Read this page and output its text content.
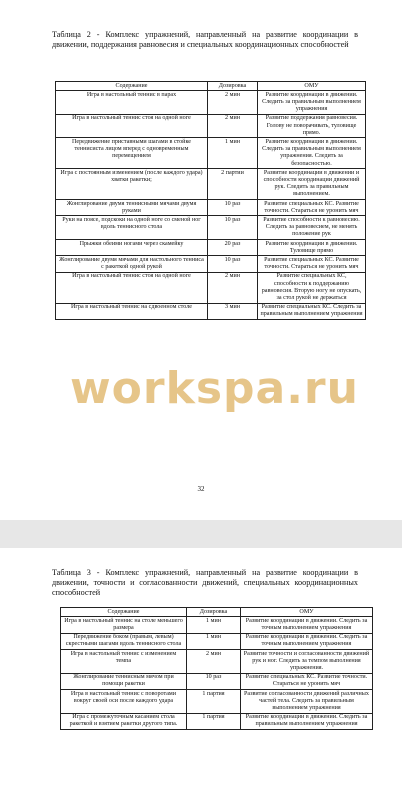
Таблица 2 - Комплекс упражнений, направленный на развитие координации в движении, поддержания равновесия и специальных координационных способностей
Содержание	Дозировка	ОМУ
Игра в настольный теннис в парах	2 мин	Развитие координации в движении. Следить за правильным выполнением упражнения
Игра в настольный теннис стоя на одной ноге	2 мин	Развитие поддержания равновесия. Голову не поворачивать, туловище прямо.
Передвижение приставными шагами в стойке теннисиста лицом вперед с одновременным перемещением	1 мин	Развитие координации в движении. Следить за правильным выполнением упражнения. Следить за безопасностью.
Игра с постоянным изменением (после каждого удара) хватки ракетки;	2 партии	Развитие координации в движении и способности координации движений рук. Следить за правильным выполнением.
Жонглирование двумя теннисными мячами двумя руками	10 раз	Развитие специальных КС. Развитие точности. Стараться не уронить мяч
Руки на поясе, подскоки на одной ноге со сменой ног вдоль теннисного стола	10 раз	Развитие способности к равновесию. Следить за равновесием, не менять положение рук
Прыжки обеими ногами через скамейку	20 раз	Развитие координации в движении. Туловище прямо
Жонглирование двумя мячами для настольного тенниса с ракеткой одной рукой	10 раз	Развитие специальных КС. Развитие точности. Стараться не уронить мяч
Игра в настольный теннис стоя на одной ноге	2 мин	Развитие специальных КС, способности к поддержанию равновесия. Вторую ногу не опускать, за стол рукой не держаться
Игра в настольный теннис на сдвоенном столе	3 мин	Развитие специальных КС. Следить за правильным выполнением упражнения
workspa.ru
32
Таблица 3 - Комплекс упражнений, направленный на развитие координации в движении, точности и согласованности движений, специальных координационных способностей
Содержание	Дозировка	ОМУ
Игра в настольный теннис на столе меньшего размера	1 мин	Развитие координации в движении. Следить за точным выполнением упражнения
Передвижение боком (правым, левым) скрестными шагами вдоль теннисного стола	1 мин	Развитие координации в движении. Следить за точным выполнением упражнения
Игра в настольный теннис с изменением темпа	2 мин	Развитие точности и согласованности движений рук и ног. Следить за темпом выполнения упражнения.
Жонглирование теннисным мячом при помощи ракетки	10 раз	Развитие специальных КС. Развитие точности. Стараться не уронить мяч
Игра в настольный теннис с поворотами вокруг своей оси после каждого удара	1 партия	Развитие согласованности движений различных частей тела. Следить за правильным выполнением упражнения
Игра с промежуточным касанием стола ракеткой и взятием ракетки другого типа.	1 партия	Развитие координации в движении. Следить за правильным выполнением упражнения
